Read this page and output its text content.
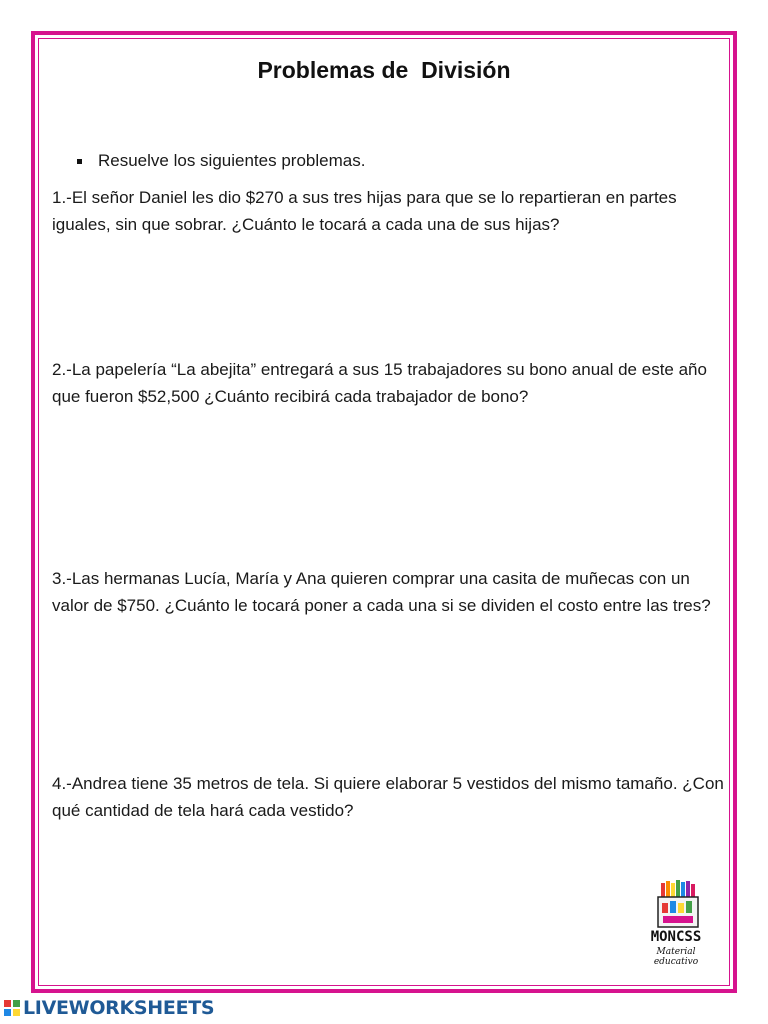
Problemas de  División
Resuelve los siguientes problemas.
1.-El señor Daniel les dio $270 a sus tres hijas para que se lo repartieran en partes iguales, sin que sobrar. ¿Cuánto le tocará a cada una de sus hijas?
2.-La papelería “La abejita” entregará a sus 15 trabajadores su bono anual de este año que fueron $52,500 ¿Cuánto recibirá cada trabajador de bono?
3.-Las hermanas Lucía, María y Ana quieren comprar una casita de muñecas con un valor de $750. ¿Cuánto le tocará poner a cada una si se dividen el costo entre las tres?
4.-Andrea tiene 35 metros de tela. Si quiere elaborar 5 vestidos del mismo tamaño. ¿Con qué cantidad de tela hará cada vestido?
MONCSS
Material educativo
LIVEWORKSHEETS
